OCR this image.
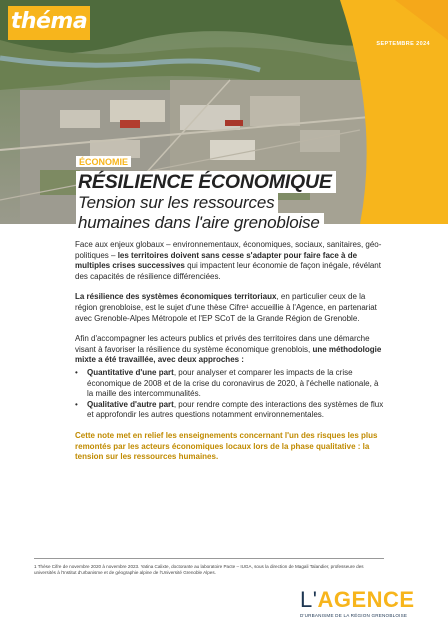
théma
SEPTEMBRE 2024
ÉCONOMIE
RÉSILIENCE ÉCONOMIQUE
Tension sur les ressources
humaines dans l'aire grenobloise

Face aux enjeux globaux – environnementaux, économiques, sociaux, sanitaires, géo-politiques – les territoires doivent sans cesse s'adapter pour faire face à de multiples crises successives qui impactent leur économie de façon inégale, révélant des capacités de résilience différenciées.

La résilience des systèmes économiques territoriaux, en particulier ceux de la région grenobloise, est le sujet d'une thèse Cifre¹ accueillie à l'Agence, en partenariat avec Grenoble-Alpes Métropole et l'EP SCoT de la Grande Région de Grenoble.

Afin d'accompagner les acteurs publics et privés des territoires dans une démarche visant à favoriser la résilience du système économique grenoblois, une méthodologie mixte a été travaillée, avec deux approches :

• Quantitative d'une part, pour analyser et comparer les impacts de la crise économique de 2008 et de la crise du coronavirus de 2020, à l'échelle nationale, à la maille des intercommunalités.
• Qualitative d'autre part, pour rendre compte des interactions des systèmes de flux et approfondir les autres questions notamment environnementales.

Cette note met en relief les enseignements concernant l'un des risques les plus remontés par les acteurs économiques locaux lors de la phase qualitative : la tension sur les ressources humaines.

1 Thèse Cifre de novembre 2020 à novembre 2023. Yatina Calixte, doctorante au laboratoire Pacte – IUGA, sous la direction de Magali Talandier, professeure des universités à l'Institut d'urbanisme et de géographie alpine de l'Université Grenoble Alpes.
L'AGENCE
D'URBANISME DE LA RÉGION GRENOBLOISE
